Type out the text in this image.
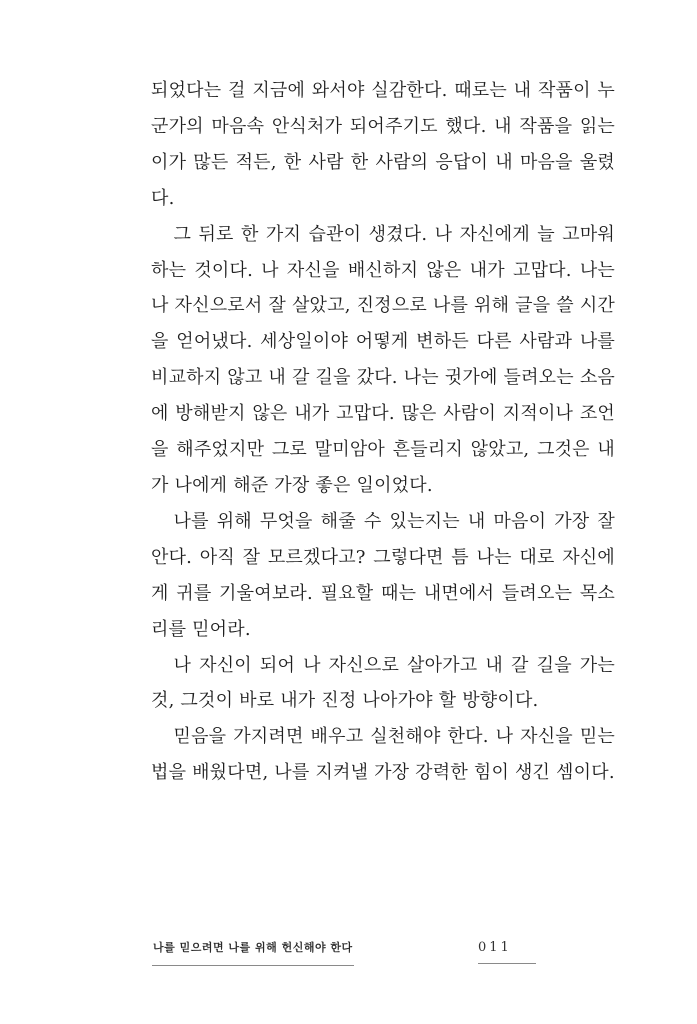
되었다는 걸 지금에 와서야 실감한다. 때로는 내 작품이 누군가의 마음속 안식처가 되어주기도 했다. 내 작품을 읽는 이가 많든 적든, 한 사람 한 사람의 응답이 내 마음을 울렸다.

그 뒤로 한 가지 습관이 생겼다. 나 자신에게 늘 고마워하는 것이다. 나 자신을 배신하지 않은 내가 고맙다. 나는 나 자신으로서 잘 살았고, 진정으로 나를 위해 글을 쓸 시간을 얻어냈다. 세상일이야 어떻게 변하든 다른 사람과 나를 비교하지 않고 내 갈 길을 갔다. 나는 귓가에 들려오는 소음에 방해받지 않은 내가 고맙다. 많은 사람이 지적이나 조언을 해주었지만 그로 말미암아 흔들리지 않았고, 그것은 내가 나에게 해준 가장 좋은 일이었다.

나를 위해 무엇을 해줄 수 있는지는 내 마음이 가장 잘 안다. 아직 잘 모르겠다고? 그렇다면 틈 나는 대로 자신에게 귀를 기울여보라. 필요할 때는 내면에서 들려오는 목소리를 믿어라.

나 자신이 되어 나 자신으로 살아가고 내 갈 길을 가는 것, 그것이 바로 내가 진정 나아가야 할 방향이다.

믿음을 가지려면 배우고 실천해야 한다. 나 자신을 믿는 법을 배웠다면, 나를 지켜낼 가장 강력한 힘이 생긴 셈이다.

나를 믿으려면 나를 위해 헌신해야 한다	011
